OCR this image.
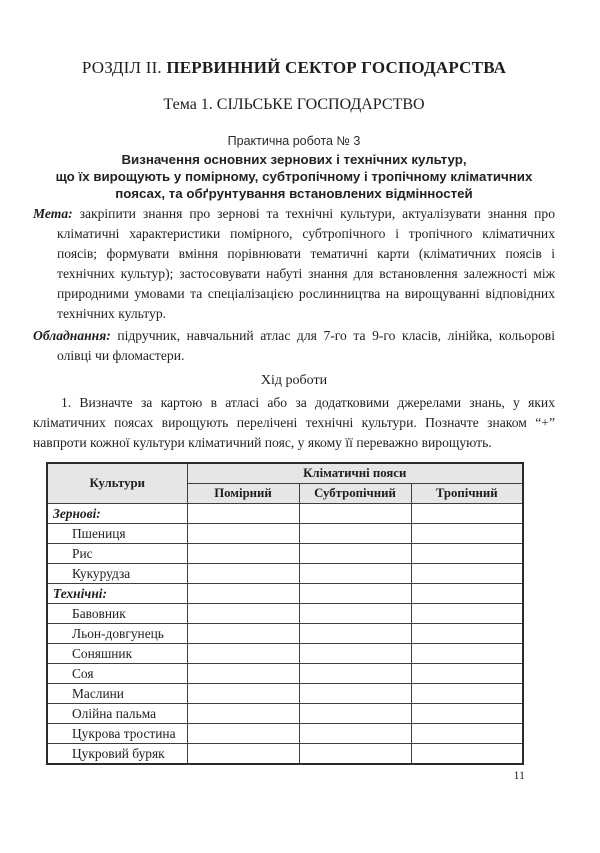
РОЗДІЛ ІІ. ПЕРВИННИЙ СЕКТОР ГОСПОДАРСТВА
Тема 1. СІЛЬСЬКЕ ГОСПОДАРСТВО
Практична робота № 3
Визначення основних зернових і технічних культур,
що їх вирощують у помірному, субтропічному і тропічному кліматичних
поясах, та обґрунтування встановлених відмінностей

Мета: закріпити знання про зернові та технічні культури, актуалізувати знання про кліматичні характеристики помірного, субтропічного і тропічного кліматичних поясів; формувати вміння порівнювати тематичні карти (кліматичних поясів і технічних культур); застосовувати набуті знання для встановлення залежності між природними умовами та спеціалізацією рослинництва на вирощуванні відповідних технічних культур.

Обладнання: підручник, навчальний атлас для 7-го та 9-го класів, лінійка, кольорові олівці чи фломастери.

Хід роботи

1. Визначте за картою в атласі або за додатковими джерелами знань, у яких кліматичних поясах вирощують перелічені технічні культури. Позначте знаком “+” навпроти кожної культури кліматичний пояс, у якому її переважно вирощують.

Культури	Кліматичні пояси		
	Помірний	Субтропічний	Тропічний
Зернові:			
Пшениця			
Рис			
Кукурудза			
Технічні:			
Бавовник			
Льон-довгунець			
Соняшник			
Соя			
Маслини			
Олійна пальма			
Цукрова тростина			
Цукровий буряк			
11
